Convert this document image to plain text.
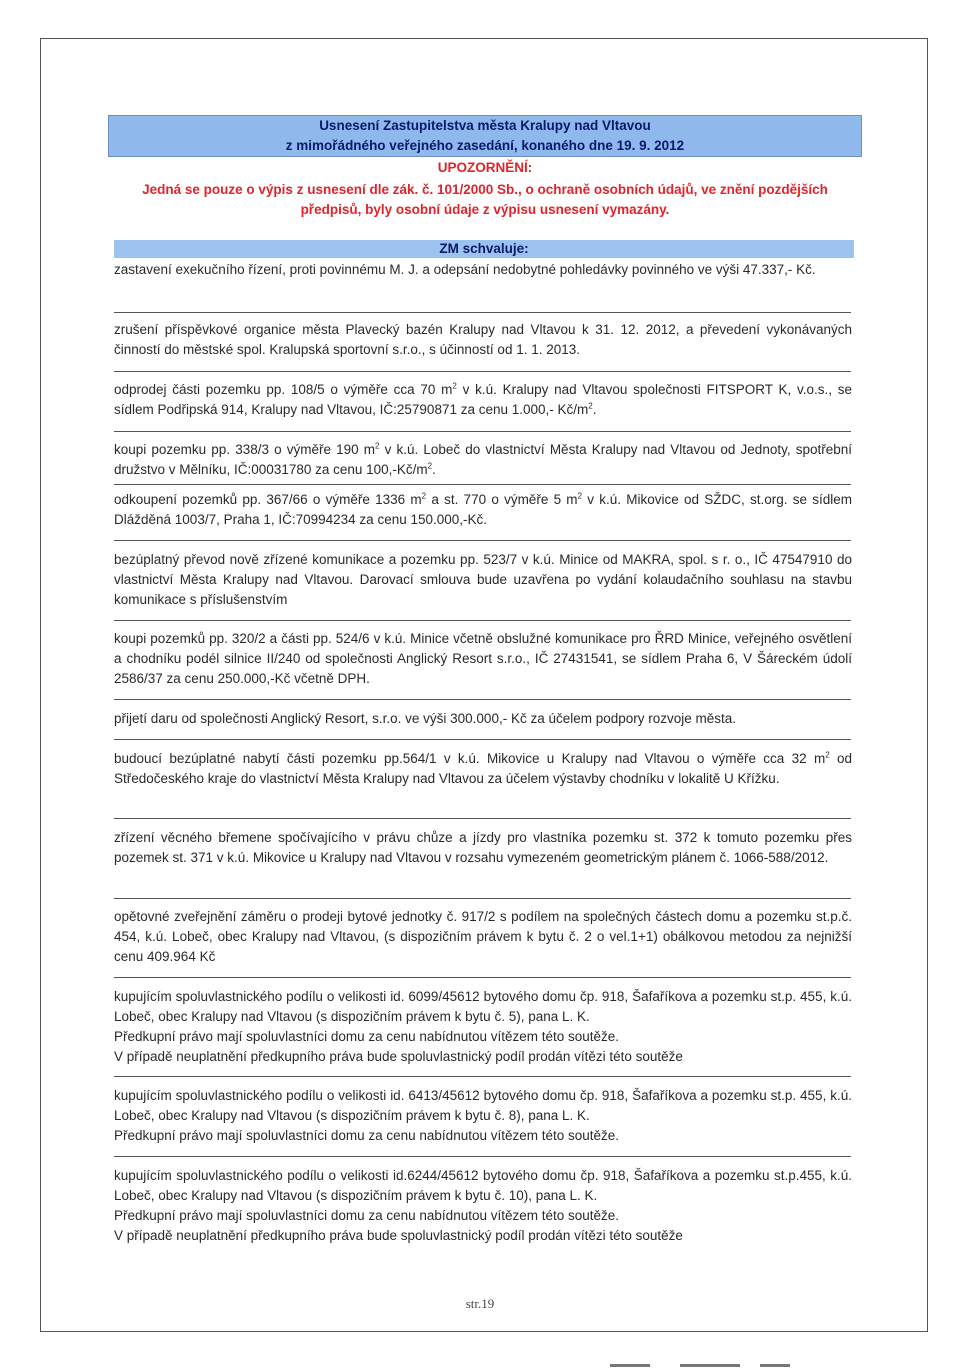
Usnesení Zastupitelstva města Kralupy nad Vltavou
z mimořádného veřejného zasedání, konaného dne 19. 9. 2012
UPOZORNĚNÍ:
Jedná se pouze o výpis z usnesení dle zák. č. 101/2000 Sb., o ochraně osobních údajů, ve znění pozdějších
předpisů, byly osobní údaje z výpisu usnesení vymazány.
ZM schvaluje:
zastavení exekučního řízení, proti povinnému M. J. a odepsání nedobytné pohledávky povinného ve výši 47.337,- Kč.
zrušení příspěvkové organice města Plavecký bazén Kralupy nad Vltavou k 31. 12. 2012, a převedení vykonávaných činností do městské spol. Kralupská sportovní s.r.o., s účinností od 1. 1. 2013.
odprodej části pozemku pp. 108/5 o výměře cca 70 $m^2$ v k.ú. Kralupy nad Vltavou společnosti FITSPORT K, v.o.s., se sídlem Podřipská 914, Kralupy nad Vltavou, IČ:25790871 za cenu 1.000,- $Kč/m^2$.
koupi pozemku pp. 338/3 o výměře 190 $m^2$ v k.ú. Lobeč do vlastnictví Města Kralupy nad Vltavou od Jednoty, spotřební družstvo v Mělníku, IČ:00031780 za cenu $100,-Kč/m^2$.
odkoupení pozemků pp. 367/66 o výměře 1336 $m^2$ a st. 770 o výměře 5 $m^2$ v k.ú. Mikovice od SŽDC, st.org. se sídlem Dlážděná 1003/7, Praha 1, IČ:70994234 za cenu 150.000,-Kč.
bezúplatný převod nově zřízené komunikace a pozemku pp. 523/7 v k.ú. Minice od MAKRA, spol. s r. o., IČ 47547910 do vlastnictví Města Kralupy nad Vltavou. Darovací smlouva bude uzavřena po vydání kolaudačního souhlasu na stavbu komunikace s příslušenstvím
koupi pozemků pp. 320/2 a části pp. 524/6 v k.ú. Minice včetně obslužné komunikace pro ŘRD Minice, veřejného osvětlení a chodníku podél silnice II/240 od společnosti Anglický Resort s.r.o., IČ 27431541, se sídlem Praha 6, V Šáreckém údolí 2586/37 za cenu 250.000,-Kč včetně DPH.
přijetí daru od společnosti Anglický Resort, s.r.o. ve výši 300.000,- Kč za účelem podpory rozvoje města.
budoucí bezúplatné nabytí části pozemku pp.564/1 v k.ú. Mikovice u Kralupy nad Vltavou o výměře cca 32 $m^2$ od Středočeského kraje do vlastnictví Města Kralupy nad Vltavou za účelem výstavby chodníku v lokalitě U Křížku.
zřízení věcného břemene spočívajícího v právu chůze a jízdy pro vlastníka pozemku st. 372 k tomuto pozemku přes pozemek st. 371 v k.ú. Mikovice u Kralupy nad Vltavou v rozsahu vymezeném geometrickým plánem č. 1066-588/2012.
opětovné zveřejnění záměru o prodeji bytové jednotky č. 917/2 s podílem na společných částech domu a pozemku st.p.č. 454, k.ú. Lobeč, obec Kralupy nad Vltavou, (s dispozičním právem k bytu č. 2 o vel.1+1) obálkovou metodou za nejnižší cenu 409.964 Kč
kupujícím spoluvlastnického podílu o velikosti id. 6099/45612 bytového domu čp. 918, Šafaříkova a pozemku st.p. 455, k.ú. Lobeč, obec Kralupy nad Vltavou (s dispozičním právem k bytu č. 5), pana L. K.
Předkupní právo mají spoluvlastníci domu za cenu nabídnutou vítězem této soutěže.
V případě neuplatnění předkupního práva bude spoluvlastnický podíl prodán vítězi této soutěže
kupujícím spoluvlastnického podílu o velikosti id. 6413/45612 bytového domu čp. 918, Šafaříkova a pozemku st.p. 455, k.ú. Lobeč, obec Kralupy nad Vltavou (s dispozičním právem k bytu č. 8), pana L. K.
Předkupní právo mají spoluvlastníci domu za cenu nabídnutou vítězem této soutěže.
kupujícím spoluvlastnického podílu o velikosti id.6244/45612 bytového domu čp. 918, Šafaříkova a pozemku st.p.455, k.ú. Lobeč, obec Kralupy nad Vltavou (s dispozičním právem k bytu č. 10), pana L. K.
Předkupní právo mají spoluvlastníci domu za cenu nabídnutou vítězem této soutěže.
V případě neuplatnění předkupního práva bude spoluvlastnický podíl prodán vítězi této soutěže
str.19
